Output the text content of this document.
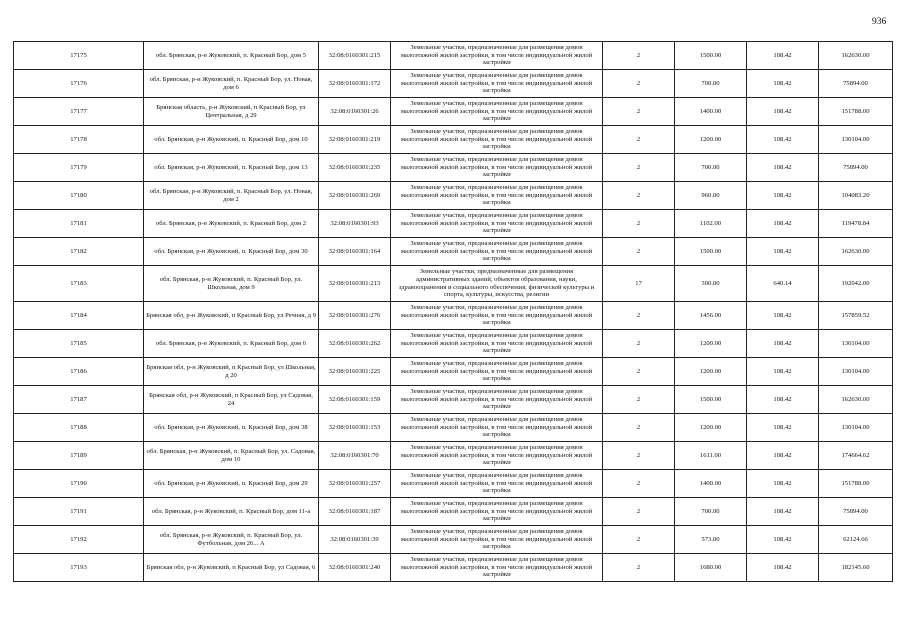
936
17175	обл. Брянская, р-н Жуковский, п. Красный Бор, дом 5	32:08:0160301:215	Земельные участки, предназначенные для размещения домов малоэтажной жилой застройки, в том числе индивидуальной жилой застройки	2	1500.00	108.42	162630.00
17176	обл. Брянская, р-н Жуковский, п. Красный Бор, ул. Новая, дом 6	32:08:0160301:172	Земельные участки, предназначенные для размещения домов малоэтажной жилой застройки, в том числе индивидуальной жилой застройки	2	700.00	108.42	75894.00
17177	Брянская область, р-н Жуковский, п Красный Бор, ул Центральная, д 29	32:08:0160301:26	Земельные участки, предназначенные для размещения домов малоэтажной жилой застройки, в том числе индивидуальной жилой застройки	2	1400.00	108.42	151788.00
17178	обл. Брянская, р-н Жуковский, п. Красный Бор, дом 10	32:08:0160301:219	Земельные участки, предназначенные для размещения домов малоэтажной жилой застройки, в том числе индивидуальной жилой застройки	2	1200.00	108.42	130104.00
17179	обл. Брянская, р-н Жуковский, п. Красный Бор, дом 13	32:08:0160301:235	Земельные участки, предназначенные для размещения домов малоэтажной жилой застройки, в том числе индивидуальной жилой застройки	2	700.00	108.42	75894.00
17180	обл. Брянская, р-н Жуковский, п. Красный Бор, ул. Новая, дом 2	32:08:0160301:269	Земельные участки, предназначенные для размещения домов малоэтажной жилой застройки, в том числе индивидуальной жилой застройки	2	960.00	108.42	104083.20
17181	обл. Брянская, р-н Жуковский, п. Красный Бор, дом 2	32:08:0160301:93	Земельные участки, предназначенные для размещения домов малоэтажной жилой застройки, в том числе индивидуальной жилой застройки	2	1102.00	108.42	119478.84
17182	обл. Брянская, р-н Жуковский, п. Красный Бор, дом 30	32:08:0160301:164	Земельные участки, предназначенные для размещения домов малоэтажной жилой застройки, в том числе индивидуальной жилой застройки	2	1500.00	108.42	162630.00
17183	обл. Брянская, р-н Жуковский, п. Красный Бор, ул. Школьная, дом 9	32:08:0160301:213	Земельные участки, предназначенные для размещения административных зданий, объектов образования, науки, здравоохранения и социального обеспечения, физической культуры и спорта, культуры, искусства, религии	17	300.00	640.14	192042.00
17184	Брянская обл, р-н Жуковский, п Красный Бор, ул Речная, д 9	32:08:0160301:276	Земельные участки, предназначенные для размещения домов малоэтажной жилой застройки, в том числе индивидуальной жилой застройки	2	1456.00	108.42	157859.52
17185	обл. Брянская, р-н Жуковский, п. Красный Бор, дом 6	32:08:0160301:262	Земельные участки, предназначенные для размещения домов малоэтажной жилой застройки, в том числе индивидуальной жилой застройки	2	1200.00	108.42	130104.00
17186	Брянская обл, р-н Жуковский, п Красный Бор, ул Школьная, д 20	32:08:0160301:225	Земельные участки, предназначенные для размещения домов малоэтажной жилой застройки, в том числе индивидуальной жилой застройки	2	1200.00	108.42	130104.00
17187	Брянская обл, р-н Жуковский, п Красный Бор, ул Садовая, 24	32:08:0160301:159	Земельные участки, предназначенные для размещения домов малоэтажной жилой застройки, в том числе индивидуальной жилой застройки	2	1500.00	108.42	162630.00
17188	обл. Брянская, р-н Жуковский, п. Красный Бор, дом 38	32:08:0160301:153	Земельные участки, предназначенные для размещения домов малоэтажной жилой застройки, в том числе индивидуальной жилой застройки	2	1200.00	108.42	130104.00
17189	обл. Брянская, р-н Жуковский, п. Красный Бор, ул. Садовая, дом 10	32:08:0160301:70	Земельные участки, предназначенные для размещения домов малоэтажной жилой застройки, в том числе индивидуальной жилой застройки	2	1611.00	108.42	174664.62
17190	обл. Брянская, р-н Жуковский, п. Красный Бор, дом 29	32:08:0160301:257	Земельные участки, предназначенные для размещения домов малоэтажной жилой застройки, в том числе индивидуальной жилой застройки	2	1400.00	108.42	151788.00
17191	обл. Брянская, р-н Жуковский, п. Красный Бор, дом 11-а	32:08:0160301:187	Земельные участки, предназначенные для размещения домов малоэтажной жилой застройки, в том числе индивидуальной жилой застройки	2	700.00	108.42	75894.00
17192	обл. Брянская, р-н Жуковский, п. Красный Бор, ул. Футбольная, дом 26... А	32:08:0160301:39	Земельные участки, предназначенные для размещения домов малоэтажной жилой застройки, в том числе индивидуальной жилой застройки	2	573.00	108.42	62124.66
17193	Брянская обл, р-н Жуковский, п Красный Бор, ул Садовая, 6	32:08:0160301:240	Земельные участки, предназначенные для размещения домов малоэтажной жилой застройки, в том числе индивидуальной жилой застройки	2	1680.00	108.42	182145.60
